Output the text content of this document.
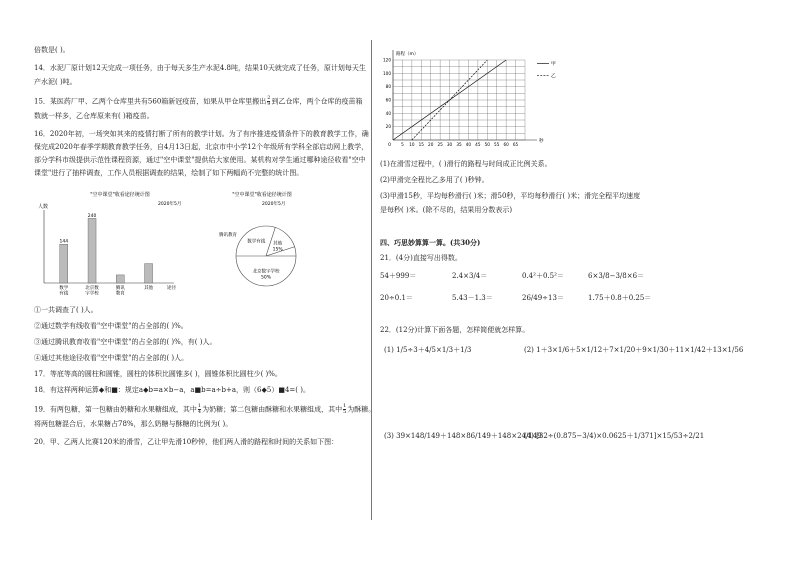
倍数是( )。
14．水泥厂原计划12天完成一项任务，由于每天多生产水泥4.8吨，结果10天就完成了任务，原计划每天生
产水泥( )吨。
15．某医药厂甲、乙两个仓库里共有560箱新冠疫苗，如果从甲仓库里搬出 $\frac{2}{9}$ 到乙仓库，两个仓库的疫苗箱
数就一样多，乙仓库原来有( )箱疫苗。
16．2020年初，一场突如其来的疫情打断了所有的教学计划。为了有序推进疫情条件下的教育教学工作，确
保完成2020年春季学期教育教学任务，自4月13日起，北京市中小学12个年级所有学科全部启动网上教学，
部分学科市级提供示范性课程资源，通过"空中课堂"提供给大家使用。某机构对学生通过哪种途径收看"空中
课堂"进行了抽样调查，工作人员根据调查的结果，绘制了如下两幅尚不完整的统计图。
"空中课堂"收看途径统计图
2020年5月
人数
144
数学
有线
240
北京数
字学校
腾讯
教育
其他	途径
"空中课堂"收看途径统计图
2020年5月
北京数字学校
50%
数学有线 其他
15%
腾讯教育
①一共调查了( )人。
②通过数学有线收看"空中课堂"的占全部的( )%。
③通过腾讯教育收看"空中课堂"的占全部的( )%，有( )人。
④通过其他途径收看"空中课堂"的占全部的( )人。
17．等底等高的圆柱和圆锥，圆柱的体积比圆锥多( )，圆锥体积比圆柱少( )%。
18．有这样两种运算◆和■：规定a◆b=a×b−a，a■b=a÷b+a，则（6◆5）■4=( )。
19．有两包糖，第一包糖由奶糖和水果糖组成，其中 $\frac{1}{4}$ 为奶糖；第二包糖由酥糖和水果糖组成，其中 $\frac{1}{5}$ 为酥糖。
将两包糖混合后，水果糖占78%，那么奶糖与酥糖的比例为( )。
20．甲、乙两人比赛120米的滑雪，乙让甲先滑10秒钟，他们两人滑的路程和时间的关系如下图：
路程（m）
秒
0
20
40
60
80
100
120
5 10 15 20 25 30 35 40 45 50 55 60 65
甲
乙
(1)在滑雪过程中，( )滑行的路程与时间成正比例关系。
(2)甲滑完全程比乙多用了( )秒钟。
(3)甲滑15秒，平均每秒滑行( )米；滑50秒，平均每秒滑行( )米；滑完全程平均速度
是每秒( )米。(除不尽的，结果用分数表示)
四、巧思妙算算一算。(共30分)
21．(4分)直接写出得数。
54＋999＝	2.4×3/4＝	0.4²＋0.5²＝	6×3/8−3/8×6＝
20÷0.1＝	5.43－1.3＝	26/49÷13＝	1.75＋0.8＋0.25＝
22．(12分)计算下面各题，怎样简便就怎样算。
(1) 1/5÷3＋4/5×1/3＋1/3	(2) 1＋3×1/6＋5×1/12＋7×1/20＋9×1/30＋11×1/42＋13×1/56
(3) 39×148/149＋148×86/149＋148×24/149
(4) [32÷(0.875−3/4)×0.0625＋1/371]×15/53÷2/21
